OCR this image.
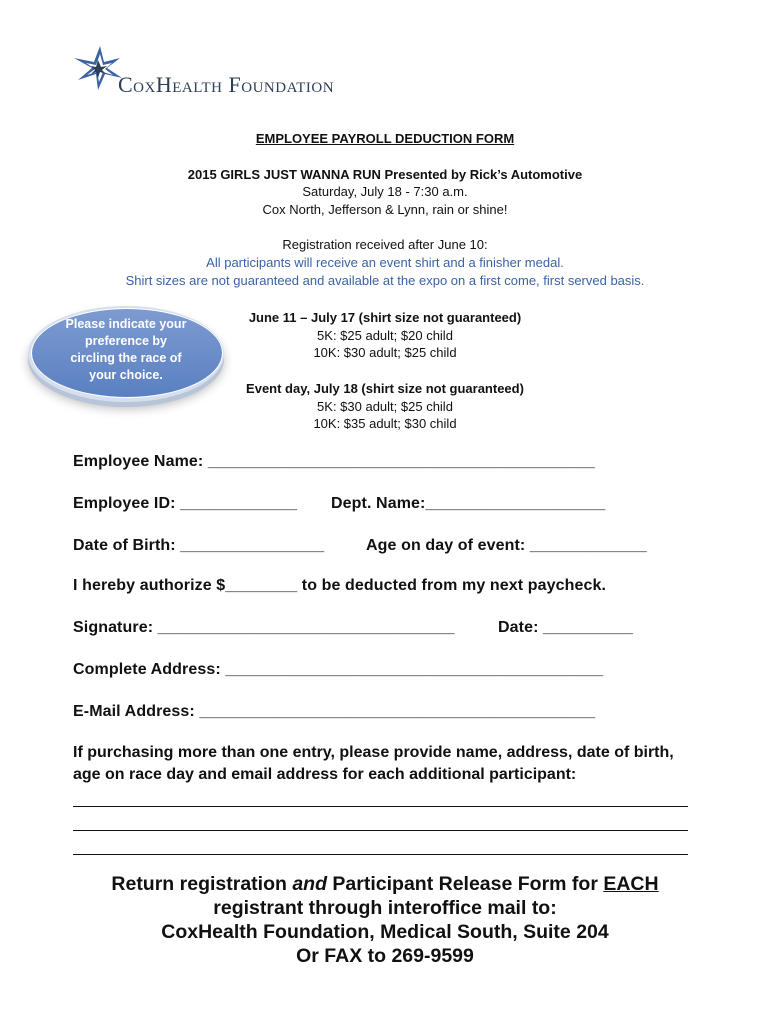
CoxHealth Foundation
EMPLOYEE PAYROLL DEDUCTION FORM
2015 GIRLS JUST WANNA RUN Presented by Rick’s Automotive
Saturday, July 18 - 7:30 a.m.
Cox North, Jefferson & Lynn, rain or shine!
Registration received after June 10:
All participants will receive an event shirt and a finisher medal.
Shirt sizes are not guaranteed and available at the expo on a first come, first served basis.
Please indicate your
preference by
circling the race of
your choice.
June 11 – July 17 (shirt size not guaranteed)
5K: $25 adult; $20 child
10K: $30 adult; $25 child
Event day, July 18 (shirt size not guaranteed)
5K: $30 adult; $25 child
10K: $35 adult; $30 child
Employee Name: ___________________________________________
Employee ID: _____________ Dept. Name:____________________
Date of Birth: ________________	Age on day of event: _____________
I hereby authorize $________ to be deducted from my next paycheck.
Signature: _________________________________	Date: __________
Complete Address: __________________________________________
E-Mail Address: ____________________________________________
If purchasing more than one entry, please provide name, address, date of birth, age on race day and email address for each additional participant:
Return registration and Participant Release Form for EACH
registrant through interoffice mail to:
CoxHealth Foundation, Medical South, Suite 204
Or FAX to 269-9599
